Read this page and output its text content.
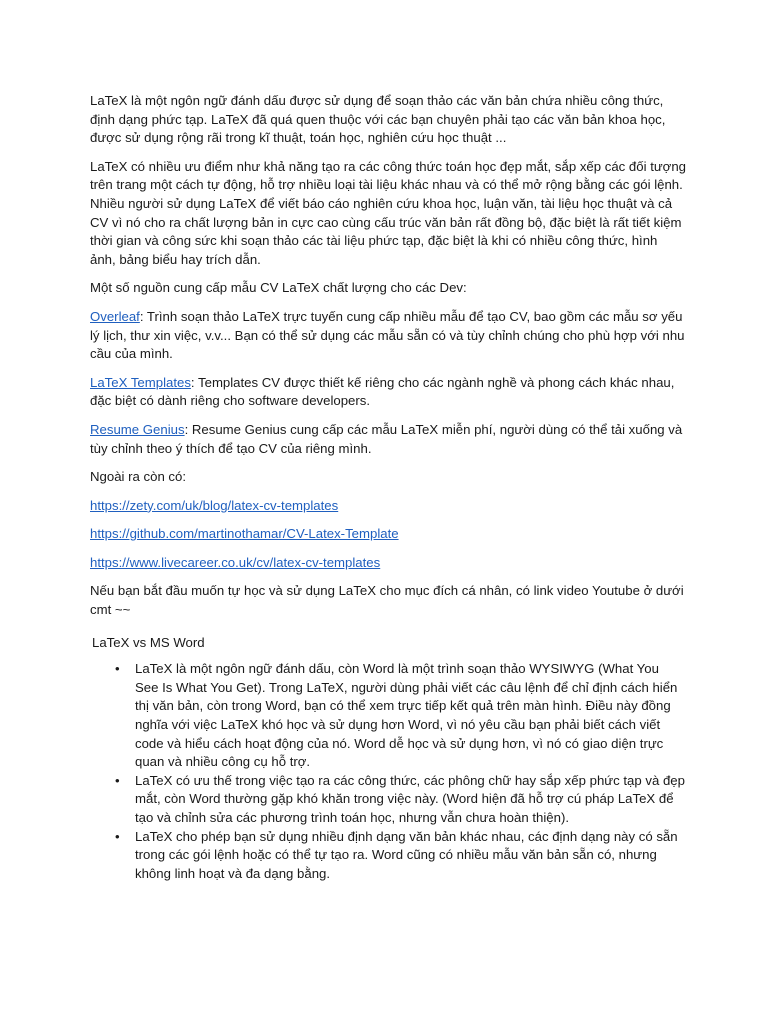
LaTeX là một ngôn ngữ đánh dấu được sử dụng để soạn thảo các văn bản chứa nhiều công thức, định dạng phức tạp. LaTeX đã quá quen thuộc với các bạn chuyên phải tạo các văn bản khoa học, được sử dụng rộng rãi trong kĩ thuật, toán học, nghiên cứu học thuật ...

LaTeX có nhiều ưu điểm như khả năng tạo ra các công thức toán học đẹp mắt, sắp xếp các đối tượng trên trang một cách tự động, hỗ trợ nhiều loại tài liệu khác nhau và có thể mở rộng bằng các gói lệnh. Nhiều người sử dụng LaTeX để viết báo cáo nghiên cứu khoa học, luận văn, tài liệu học thuật và cả CV vì nó cho ra chất lượng bản in cực cao cùng cấu trúc văn bản rất đồng bộ, đặc biệt là rất tiết kiệm thời gian và công sức khi soạn thảo các tài liệu phức tạp, đặc biệt là khi có nhiều công thức, hình ảnh, bảng biểu hay trích dẫn.

Một số nguồn cung cấp mẫu CV LaTeX chất lượng cho các Dev:

Overleaf: Trình soạn thảo LaTeX trực tuyến cung cấp nhiều mẫu để tạo CV, bao gồm các mẫu sơ yếu lý lịch, thư xin việc, v.v... Bạn có thể sử dụng các mẫu sẵn có và tùy chỉnh chúng cho phù hợp với nhu cầu của mình.

LaTeX Templates: Templates CV được thiết kế riêng cho các ngành nghề và phong cách khác nhau, đặc biệt có dành riêng cho software developers.

Resume Genius: Resume Genius cung cấp các mẫu LaTeX miễn phí, người dùng có thể tải xuống và tùy chỉnh theo ý thích để tạo CV của riêng mình.

Ngoài ra còn có:

https://zety.com/uk/blog/latex-cv-templates

https://github.com/martinothamar/CV-Latex-Template

https://www.livecareer.co.uk/cv/latex-cv-templates

Nếu bạn bắt đầu muốn tự học và sử dụng LaTeX cho mục đích cá nhân, có link video Youtube ở dưới cmt ~~

LaTeX vs MS Word

• LaTeX là một ngôn ngữ đánh dấu, còn Word là một trình soạn thảo WYSIWYG (What You See Is What You Get). Trong LaTeX, người dùng phải viết các câu lệnh để chỉ định cách hiển thị văn bản, còn trong Word, bạn có thể xem trực tiếp kết quả trên màn hình. Điều này đồng nghĩa với việc LaTeX khó học và sử dụng hơn Word, vì nó yêu cầu bạn phải biết cách viết code và hiểu cách hoạt động của nó. Word dễ học và sử dụng hơn, vì nó có giao diện trực quan và nhiều công cụ hỗ trợ.
• LaTeX có ưu thế trong việc tạo ra các công thức, các phông chữ hay sắp xếp phức tạp và đẹp mắt, còn Word thường gặp khó khăn trong việc này. (Word hiện đã hỗ trợ cú pháp LaTeX để tạo và chỉnh sửa các phương trình toán học, nhưng vẫn chưa hoàn thiện).
• LaTeX cho phép bạn sử dụng nhiều định dạng văn bản khác nhau, các định dạng này có sẵn trong các gói lệnh hoặc có thể tự tạo ra. Word cũng có nhiều mẫu văn bản sẵn có, nhưng không linh hoạt và đa dạng bằng.
